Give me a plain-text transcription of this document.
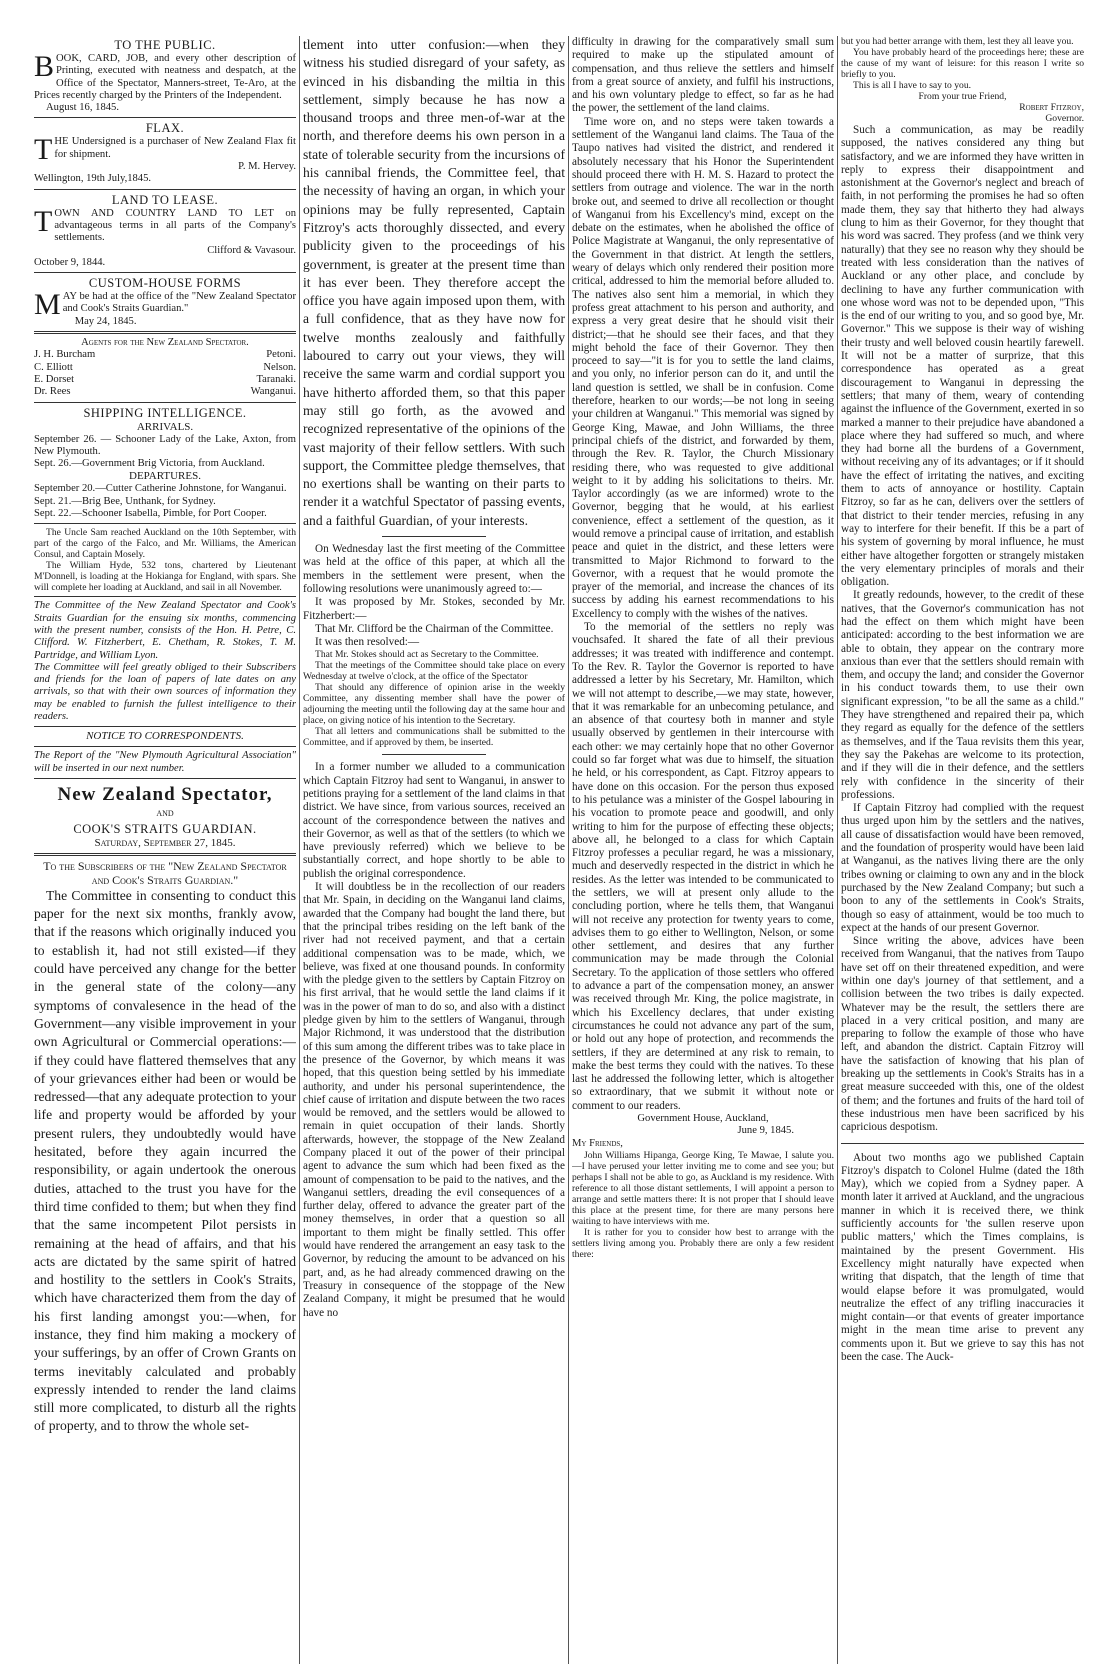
TO THE PUBLIC.

BOOK, CARD, JOB, and every other description of Printing, executed with neatness and despatch, at the Office of the Spectator, Manners-street, Te-Aro, at the Prices recently charged by the Printers of the Independent.

August 16, 1845.
FLAX.

THE Undersigned is a purchaser of New Zealand Flax fit for shipment.

P. M. Hervey.
Wellington, 19th July,1845.
LAND TO LEASE.

TOWN AND COUNTRY LAND TO LET on advantageous terms in all parts of the Company's settlements.

Clifford & Vavasour.
October 9, 1844.
CUSTOM-HOUSE FORMS

MAY be had at the office of the "New Zealand Spectator and Cook's Straits Guardian."

May 24, 1845.
Agents for the New Zealand Spectator.
J. H. Burcham	Petoni.
C. Elliott	Nelson.
E. Dorset	Taranaki.
Dr. Rees	Wanganui.
SHIPPING INTELLIGENCE.
ARRIVALS.

September 26. — Schooner Lady of the Lake, Axton, from New Plymouth.

Sept. 26.—Government Brig Victoria, from Auckland.

DEPARTURES.

September 20.—Cutter Catherine Johnstone, for Wanganui.

Sept. 21.—Brig Bee, Unthank, for Sydney.

Sept. 22.—Schooner Isabella, Pimble, for Port Cooper.

The Uncle Sam reached Auckland on the 10th September, with part of the cargo of the Falco, and Mr. Williams, the American Consul, and Captain Mosely.

The William Hyde, 532 tons, chartered by Lieutenant M'Donnell, is loading at the Hokianga for England, with spars. She will complete her loading at Auckland, and sail in all November.

The Committee of the New Zealand Spectator and Cook's Straits Guardian for the ensuing six months, commencing with the present number, consists of the Hon. H. Petre, C. Clifford. W. Fitzherbert, E. Chetham, R. Stokes, T. M. Partridge, and William Lyon.

The Committee will feel greatly obliged to their Subscribers and friends for the loan of papers of late dates on any arrivals, so that with their own sources of information they may be enabled to furnish the fullest intelligence to their readers.

NOTICE TO CORRESPONDENTS.

The Report of the "New Plymouth Agricultural Association" will be inserted in our next number.

New Zealand Spectator,
AND
COOK'S STRAITS GUARDIAN.
Saturday, September 27, 1845.
To the Subscribers of the "New Zealand Spectator and Cook's Straits Guardian."

The Committee in consenting to conduct this paper for the next six months, frankly avow, that if the reasons which originally induced you to establish it, had not still existed—if they could have perceived any change for the better in the general state of the colony—any symptoms of convalesence in the head of the Government—any visible improvement in your own Agricultural or Commercial operations:—if they could have flattered themselves that any of your grievances either had been or would be redressed—that any adequate protection to your life and property would be afforded by your present rulers, they undoubtedly would have hesitated, before they again incurred the responsibility, or again undertook the onerous duties, attached to the trust you have for the third time confided to them; but when they find that the same incompetent Pilot persists in remaining at the head of affairs, and that his acts are dictated by the same spirit of hatred and hostility to the settlers in Cook's Straits, which have characterized them from the day of his first landing amongst you:—when, for instance, they find him making a mockery of your sufferings, by an offer of Crown Grants on terms inevitably calculated and probably expressly intended to render the land claims still more complicated, to disturb all the rights of property, and to throw the whole set-

tlement into utter confusion:—when they witness his studied disregard of your safety, as evinced in his disbanding the miltia in this settlement, simply because he has now a thousand troops and three men-of-war at the north, and therefore deems his own person in a state of tolerable security from the incursions of his cannibal friends, the Committee feel, that the necessity of having an organ, in which your opinions may be fully represented, Captain Fitzroy's acts thoroughly dissected, and every publicity given to the proceedings of his government, is greater at the present time than it has ever been. They therefore accept the office you have again imposed upon them, with a full confidence, that as they have now for twelve months zealously and faithfully laboured to carry out your views, they will receive the same warm and cordial support you have hitherto afforded them, so that this paper may still go forth, as the avowed and recognized representative of the opinions of the vast majority of their fellow settlers. With such support, the Committee pledge themselves, that no exertions shall be wanting on their parts to render it a watchful Spectator of passing events, and a faithful Guardian, of your interests.

On Wednesday last the first meeting of the Committee was held at the office of this paper, at which all the members in the settlement were present, when the following resolutions were unanimously agreed to:—

It was proposed by Mr. Stokes, seconded by Mr. Fitzherbert:—

That Mr. Clifford be the Chairman of the Committee.

It was then resolved:—

That Mr. Stokes should act as Secretary to the Committee.

That the meetings of the Committee should take place on every Wednesday at twelve o'clock, at the office of the Spectator

That should any difference of opinion arise in the weekly Committee, any dissenting member shall have the power of adjourning the meeting until the following day at the same hour and place, on giving notice of his intention to the Secretary.

That all letters and communications shall be submitted to the Committee, and if approved by them, be inserted.

In a former number we alluded to a communication which Captain Fitzroy had sent to Wanganui, in answer to petitions praying for a settlement of the land claims in that district. We have since, from various sources, received an account of the correspondence between the natives and their Governor, as well as that of the settlers (to which we have previously referred) which we believe to be substantially correct, and hope shortly to be able to publish the original correspondence.

It will doubtless be in the recollection of our readers that Mr. Spain, in deciding on the Wanganui land claims, awarded that the Company had bought the land there, but that the principal tribes residing on the left bank of the river had not received payment, and that a certain additional compensation was to be made, which, we believe, was fixed at one thousand pounds. In conformity with the pledge given to the settlers by Captain Fitzroy on his first arrival, that he would settle the land claims if it was in the power of man to do so, and also with a distinct pledge given by him to the settlers of Wanganui, through Major Richmond, it was understood that the distribution of this sum among the different tribes was to take place in the presence of the Governor, by which means it was hoped, that this question being settled by his immediate authority, and under his personal superintendence, the chief cause of irritation and dispute between the two races would be removed, and the settlers would be allowed to remain in quiet occupation of their lands. Shortly afterwards, however, the stoppage of the New Zealand Company placed it out of the power of their principal agent to advance the sum which had been fixed as the amount of compensation to be paid to the natives, and the Wanganui settlers, dreading the evil consequences of a further delay, offered to advance the greater part of the money themselves, in order that a question so all important to them might be finally settled. This offer would have rendered the arrangement an easy task to the Governor, by reducing the amount to be advanced on his part, and, as he had already commenced drawing on the Treasury in consequence of the stoppage of the New Zealand Company, it might be presumed that he would have no

difficulty in drawing for the comparatively small sum required to make up the stipulated amount of compensation, and thus relieve the settlers and himself from a great source of anxiety, and fulfil his instructions, and his own voluntary pledge to effect, so far as he had the power, the settlement of the land claims.

Time wore on, and no steps were taken towards a settlement of the Wanganui land claims. The Taua of the Taupo natives had visited the district, and rendered it absolutely necessary that his Honor the Superintendent should proceed there with H. M. S. Hazard to protect the settlers from outrage and violence. The war in the north broke out, and seemed to drive all recollection or thought of Wanganui from his Excellency's mind, except on the debate on the estimates, when he abolished the office of Police Magistrate at Wanganui, the only representative of the Government in that district. At length the settlers, weary of delays which only rendered their position more critical, addressed to him the memorial before alluded to. The natives also sent him a memorial, in which they profess great attachment to his person and authority, and express a very great desire that he should visit their district;—that he should see their faces, and that they might behold the face of their Governor. They then proceed to say—"it is for you to settle the land claims, and you only, no inferior person can do it, and until the land question is settled, we shall be in confusion. Come therefore, hearken to our words;—be not long in seeing your children at Wanganui." This memorial was signed by George King, Mawae, and John Williams, the three principal chiefs of the district, and forwarded by them, through the Rev. R. Taylor, the Church Missionary residing there, who was requested to give additional weight to it by adding his solicitations to theirs. Mr. Taylor accordingly (as we are informed) wrote to the Governor, begging that he would, at his earliest convenience, effect a settlement of the question, as it would remove a principal cause of irritation, and establish peace and quiet in the district, and these letters were transmitted to Major Richmond to forward to the Governor, with a request that he would promote the prayer of the memorial, and increase the chances of its success by adding his earnest recommendations to his Excellency to comply with the wishes of the natives.

To the memorial of the settlers no reply was vouchsafed. It shared the fate of all their previous addresses; it was treated with indifference and contempt. To the Rev. R. Taylor the Governor is reported to have addressed a letter by his Secretary, Mr. Hamilton, which we will not attempt to describe,—we may state, however, that it was remarkable for an unbecoming petulance, and an absence of that courtesy both in manner and style usually observed by gentlemen in their intercourse with each other: we may certainly hope that no other Governor could so far forget what was due to himself, the situation he held, or his correspondent, as Capt. Fitzroy appears to have done on this occasion. For the person thus exposed to his petulance was a minister of the Gospel labouring in his vocation to promote peace and goodwill, and only writing to him for the purpose of effecting these objects; above all, he belonged to a class for which Captain Fitzroy professes a peculiar regard, he was a missionary, much and deservedly respected in the district in which he resides. As the letter was intended to be communicated to the settlers, we will at present only allude to the concluding portion, where he tells them, that Wanganui will not receive any protection for twenty years to come, advises them to go either to Wellington, Nelson, or some other settlement, and desires that any further communication may be made through the Colonial Secretary. To the application of those settlers who offered to advance a part of the compensation money, an answer was received through Mr. King, the police magistrate, in which his Excellency declares, that under existing circumstances he could not advance any part of the sum, or hold out any hope of protection, and recommends the settlers, if they are determined at any risk to remain, to make the best terms they could with the natives. To these last he addressed the following letter, which is altogether so extraordinary, that we submit it without note or comment to our readers.

Government House, Auckland,
June 9, 1845.
My Friends,

John Williams Hipanga, George King, Te Mawae, I salute you.—I have perused your letter inviting me to come and see you; but perhaps I shall not be able to go, as Auckland is my residence. With reference to all those distant settlements, I will appoint a person to arrange and settle matters there: It is not proper that I should leave this place at the present time, for there are many persons here waiting to have interviews with me.

It is rather for you to consider how best to arrange with the settlers living among you. Probably there are only a few resident there:

but you had better arrange with them, lest they all leave you.

You have probably heard of the proceedings here; these are the cause of my want of leisure: for this reason I write so briefly to you.

This is all I have to say to you.

From your true Friend,
Robert Fitzroy,
Governor.

Such a communication, as may be readily supposed, the natives considered any thing but satisfactory, and we are informed they have written in reply to express their disappointment and astonishment at the Governor's neglect and breach of faith, in not performing the promises he had so often made them, they say that hitherto they had always clung to him as their Governor, for they thought that his word was sacred. They profess (and we think very naturally) that they see no reason why they should be treated with less consideration than the natives of Auckland or any other place, and conclude by declining to have any further communication with one whose word was not to be depended upon, "This is the end of our writing to you, and so good bye, Mr. Governor." This we suppose is their way of wishing their trusty and well beloved cousin heartily farewell. It will not be a matter of surprize, that this correspondence has operated as a great discouragement to Wanganui in depressing the settlers; that many of them, weary of contending against the influence of the Government, exerted in so marked a manner to their prejudice have abandoned a place where they had suffered so much, and where they had borne all the burdens of a Government, without receiving any of its advantages; or if it should have the effect of irritating the natives, and exciting them to acts of annoyance or hostility. Captain Fitzroy, so far as he can, delivers over the settlers of that district to their tender mercies, refusing in any way to interfere for their benefit. If this be a part of his system of governing by moral influence, he must either have altogether forgotten or strangely mistaken the very elementary principles of morals and their obligation.

It greatly redounds, however, to the credit of these natives, that the Governor's communication has not had the effect on them which might have been anticipated: according to the best information we are able to obtain, they appear on the contrary more anxious than ever that the settlers should remain with them, and occupy the land; and consider the Governor in his conduct towards them, to use their own significant expression, "to be all the same as a child." They have strengthened and repaired their pa, which they regard as equally for the defence of the settlers as themselves, and if the Taua revisits them this year, they say the Pakehas are welcome to its protection, and if they will die in their defence, and the settlers rely with confidence in the sincerity of their professions.

If Captain Fitzroy had complied with the request thus urged upon him by the settlers and the natives, all cause of dissatisfaction would have been removed, and the foundation of prosperity would have been laid at Wanganui, as the natives living there are the only tribes owning or claiming to own any and in the block purchased by the New Zealand Company; but such a boon to any of the settlements in Cook's Straits, though so easy of attainment, would be too much to expect at the hands of our present Governor.

Since writing the above, advices have been received from Wanganui, that the natives from Taupo have set off on their threatened expedition, and were within one day's journey of that settlement, and a collision between the two tribes is daily expected. Whatever may be the result, the settlers there are placed in a very critical position, and many are preparing to follow the example of those who have left, and abandon the district. Captain Fitzroy will have the satisfaction of knowing that his plan of breaking up the settlements in Cook's Straits has in a great measure succeeded with this, one of the oldest of them; and the fortunes and fruits of the hard toil of these industrious men have been sacrificed by his capricious despotism.

About two months ago we published Captain Fitzroy's dispatch to Colonel Hulme (dated the 18th May), which we copied from a Sydney paper. A month later it arrived at Auckland, and the ungracious manner in which it is received there, we think sufficiently accounts for 'the sullen reserve upon public matters,' which the Times complains, is maintained by the present Government. His Excellency might naturally have expected when writing that dispatch, that the length of time that would elapse before it was promulgated, would neutralize the effect of any trifling inaccuracies it might contain—or that events of greater importance might in the mean time arise to prevent any comments upon it. But we grieve to say this has not been the case. The Auck-
